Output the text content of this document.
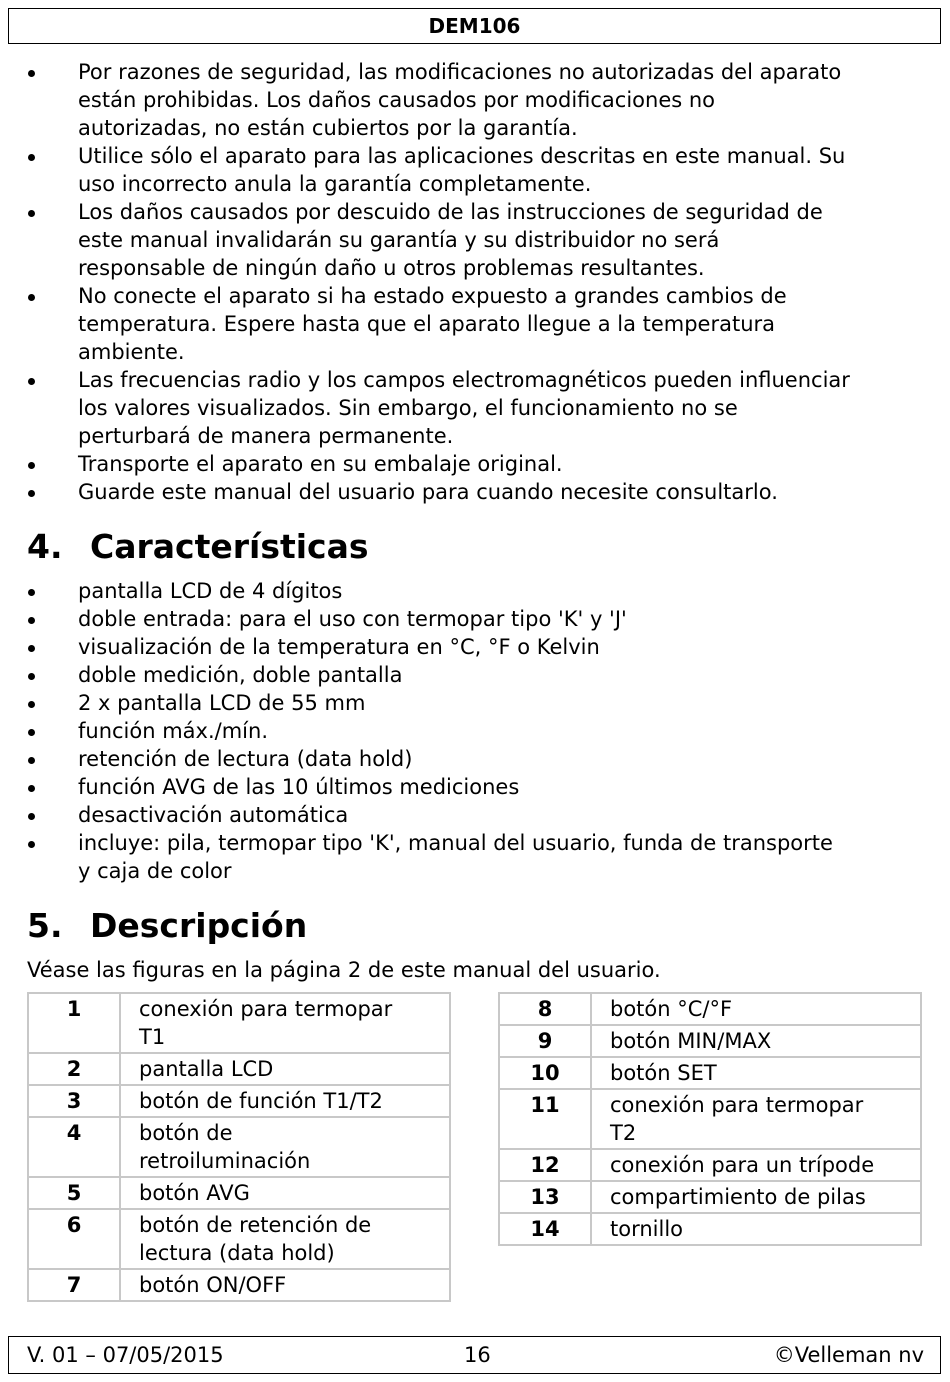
DEM106
Por razones de seguridad, las modificaciones no autorizadas del aparato
están prohibidas. Los daños causados por modificaciones no
autorizadas, no están cubiertos por la garantía.
Utilice sólo el aparato para las aplicaciones descritas en este manual. Su
uso incorrecto anula la garantía completamente.
Los daños causados por descuido de las instrucciones de seguridad de
este manual invalidarán su garantía y su distribuidor no será
responsable de ningún daño u otros problemas resultantes.
No conecte el aparato si ha estado expuesto a grandes cambios de
temperatura. Espere hasta que el aparato llegue a la temperatura
ambiente.
Las frecuencias radio y los campos electromagnéticos pueden influenciar
los valores visualizados. Sin embargo, el funcionamiento no se
perturbará de manera permanente.
Transporte el aparato en su embalaje original.
Guarde este manual del usuario para cuando necesite consultarlo.
4. Características
pantalla LCD de 4 dígitos
doble entrada: para el uso con termopar tipo 'K' y 'J'
visualización de la temperatura en °C, °F o Kelvin
doble medición, doble pantalla
2 x pantalla LCD de 55 mm
función máx./mín.
retención de lectura (data hold)
función AVG de las 10 últimos mediciones
desactivación automática
incluye: pila, termopar tipo 'K', manual del usuario, funda de transporte
y caja de color
5. Descripción
Véase las figuras en la página 2 de este manual del usuario.
1	conexión para termopar
T1
2	pantalla LCD
3	botón de función T1/T2
4	botón de
retroiluminación
5	botón AVG
6	botón de retención de
lectura (data hold)
7	botón ON/OFF
8	botón °C/°F
9	botón MIN/MAX
10	botón SET
11	conexión para termopar
T2
12	conexión para un trípode
13	compartimiento de pilas
14	tornillo
V. 01 – 07/05/2015	16	©Velleman nv
